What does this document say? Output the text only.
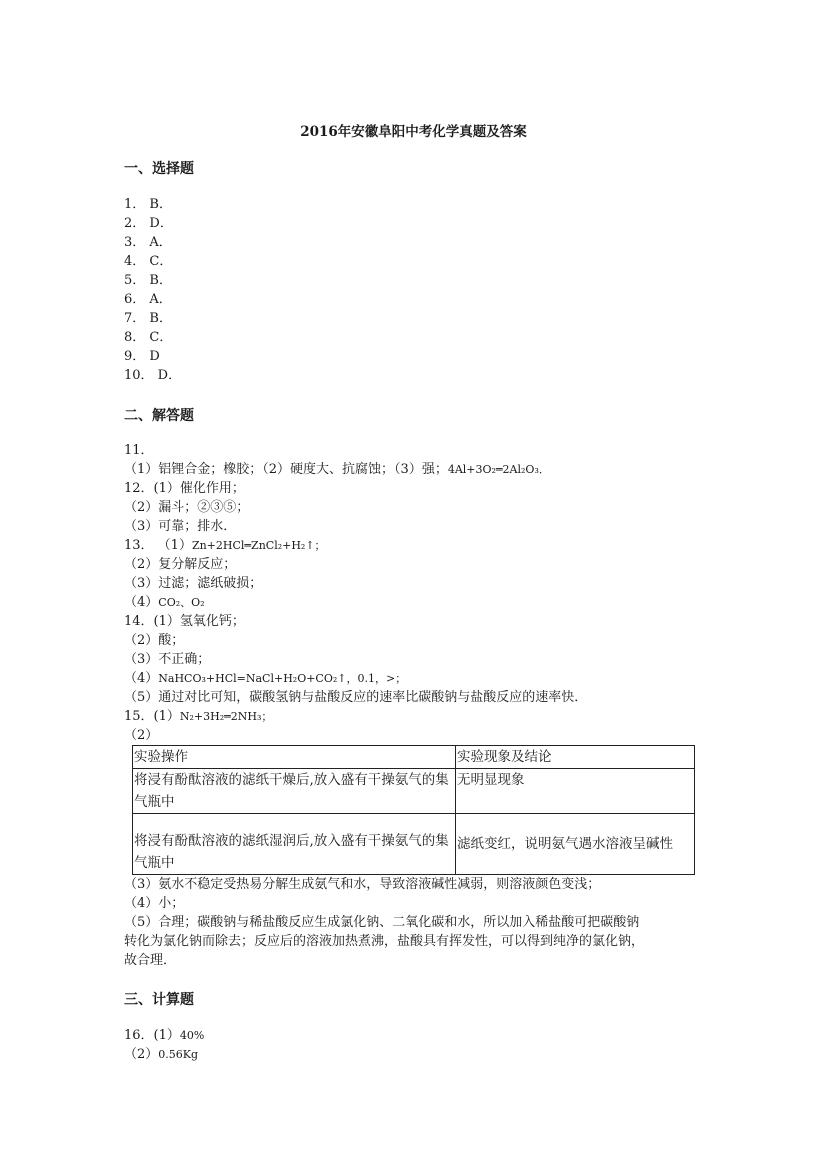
2016年安徽阜阳中考化学真题及答案
一、选择题
1． B．
2． D．
3． A．
4． C．
5． B．
6． A．
7． B．
8． C．
9． D
10． D．
二、解答题
11．
（1）铝锂合金；橡胶；（2）硬度大、抗腐蚀；（3）强；4Al+3O₂═2Al₂O₃．
12．(1）催化作用；
（2）漏斗；②③⑤；
（3）可靠；排水．
13． （1）Zn+2HCl═ZnCl₂+H₂↑；
（2）复分解反应；
（3）过滤；滤纸破损；
（4）CO₂、O₂
14．(1）氢氧化钙；
（2）酸；
（3）不正确；
（4）NaHCO₃+HCl=NaCl+H₂O+CO₂↑，0.1，>；
（5）通过对比可知，碳酸氢钠与盐酸反应的速率比碳酸钠与盐酸反应的速率快．
15．(1）N₂+3H₂═2NH₃；
（2）
实验操作	实验现象及结论
将浸有酚酞溶液的滤纸干燥后,放入盛有干操氨气的集气瓶中	无明显现象
将浸有酚酞溶液的滤纸湿润后,放入盛有干操氨气的集气瓶中	滤纸变红，说明氨气遇水溶液呈碱性
（3）氨水不稳定受热易分解生成氨气和水，导致溶液碱性减弱，则溶液颜色变浅；
（4）小；
（5）合理；碳酸钠与稀盐酸反应生成氯化钠、二氧化碳和水，所以加入稀盐酸可把碳酸钠
转化为氯化钠而除去；反应后的溶液加热煮沸，盐酸具有挥发性，可以得到纯净的氯化钠，
故合理．
三、计算题
16．(1）40%
（2）0.56Kg
